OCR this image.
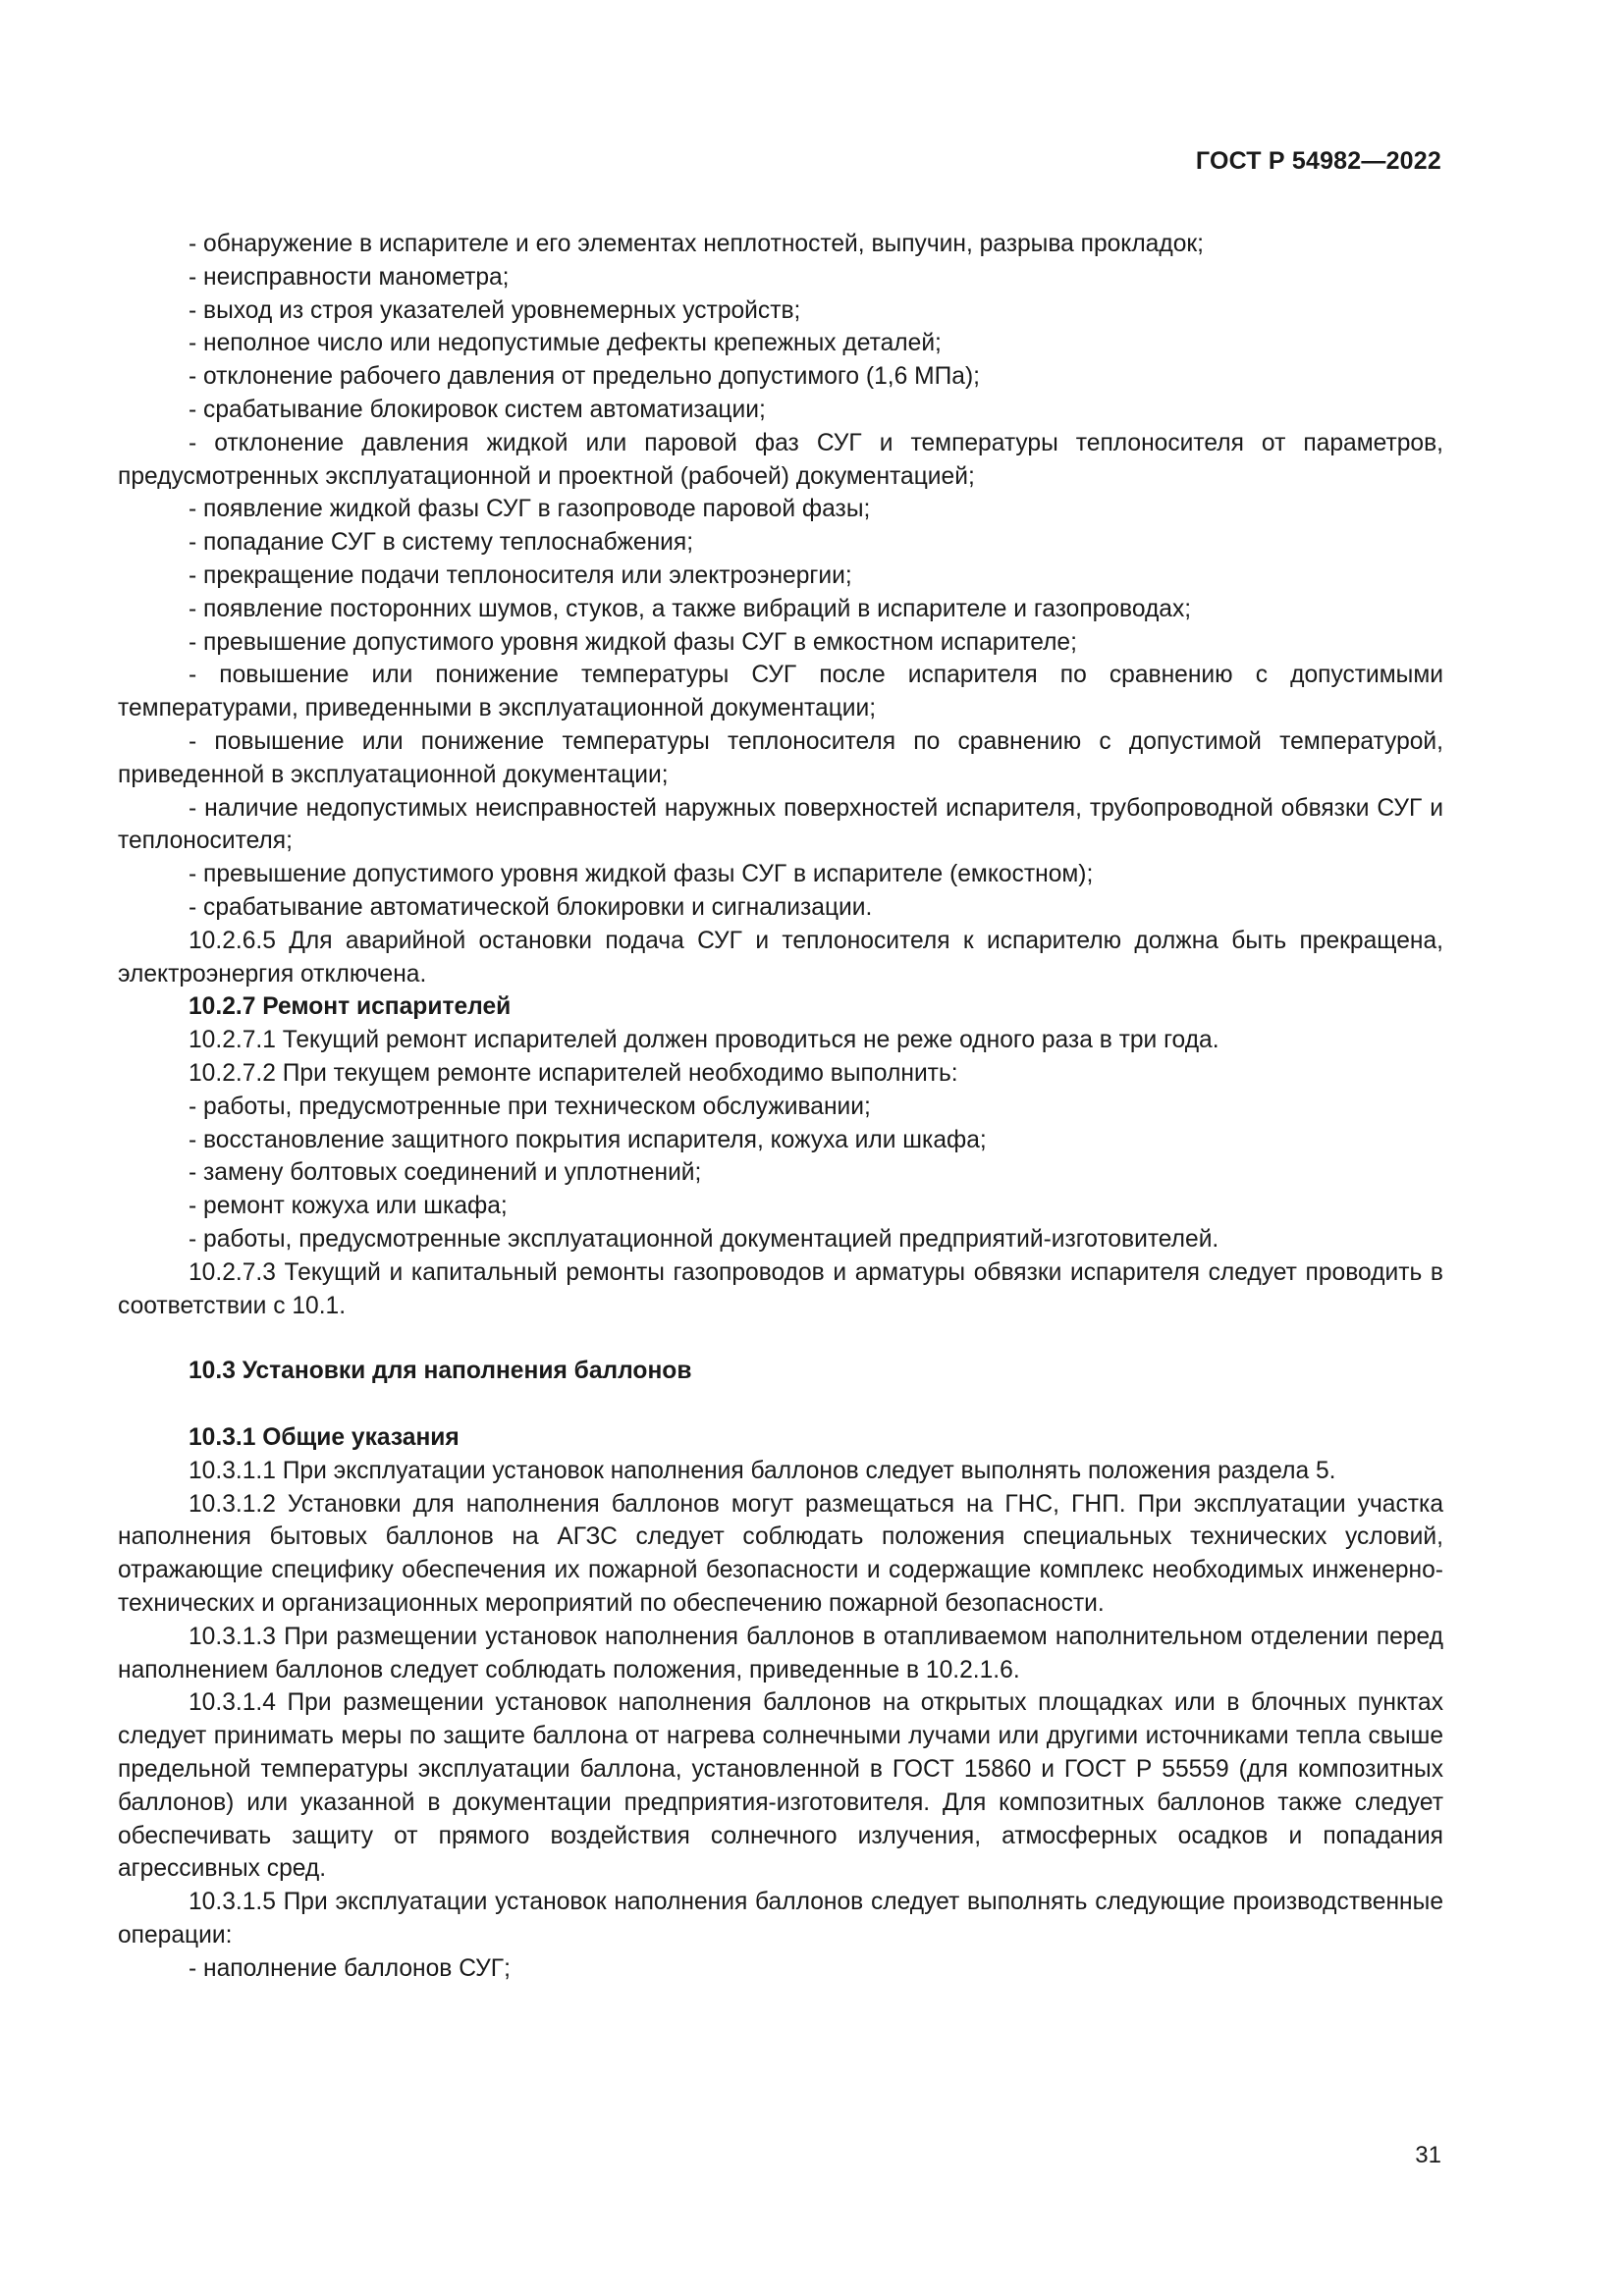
ГОСТ Р 54982—2022

- обнаружение в испарителе и его элементах неплотностей, выпучин, разрыва прокладок;

- неисправности манометра;

- выход из строя указателей уровнемерных устройств;

- неполное число или недопустимые дефекты крепежных деталей;

- отклонение рабочего давления от предельно допустимого (1,6 МПа);

- срабатывание блокировок систем автоматизации;

- отклонение давления жидкой или паровой фаз СУГ и температуры теплоносителя от параметров, предусмотренных эксплуатационной и проектной (рабочей) документацией;

- появление жидкой фазы СУГ в газопроводе паровой фазы;

- попадание СУГ в систему теплоснабжения;

- прекращение подачи теплоносителя или электроэнергии;

- появление посторонних шумов, стуков, а также вибраций в испарителе и газопроводах;

- превышение допустимого уровня жидкой фазы СУГ в емкостном испарителе;

- повышение или понижение температуры СУГ после испарителя по сравнению с допустимыми температурами, приведенными в эксплуатационной документации;

- повышение или понижение температуры теплоносителя по сравнению с допустимой температурой, приведенной в эксплуатационной документации;

- наличие недопустимых неисправностей наружных поверхностей испарителя, трубопроводной обвязки СУГ и теплоносителя;

- превышение допустимого уровня жидкой фазы СУГ в испарителе (емкостном);

- срабатывание автоматической блокировки и сигнализации.

10.2.6.5 Для аварийной остановки подача СУГ и теплоносителя к испарителю должна быть прекращена, электроэнергия отключена.

10.2.7 Ремонт испарителей

10.2.7.1 Текущий ремонт испарителей должен проводиться не реже одного раза в три года.

10.2.7.2 При текущем ремонте испарителей необходимо выполнить:

- работы, предусмотренные при техническом обслуживании;

- восстановление защитного покрытия испарителя, кожуха или шкафа;

- замену болтовых соединений и уплотнений;

- ремонт кожуха или шкафа;

- работы, предусмотренные эксплуатационной документацией предприятий-изготовителей.

10.2.7.3 Текущий и капитальный ремонты газопроводов и арматуры обвязки испарителя следует проводить в соответствии с 10.1.

10.3 Установки для наполнения баллонов

10.3.1 Общие указания

10.3.1.1 При эксплуатации установок наполнения баллонов следует выполнять положения раздела 5.

10.3.1.2 Установки для наполнения баллонов могут размещаться на ГНС, ГНП. При эксплуатации участка наполнения бытовых баллонов на АГЗС следует соблюдать положения специальных технических условий, отражающие специфику обеспечения их пожарной безопасности и содержащие комплекс необходимых инженерно-технических и организационных мероприятий по обеспечению пожарной безопасности.

10.3.1.3 При размещении установок наполнения баллонов в отапливаемом наполнительном отделении перед наполнением баллонов следует соблюдать положения, приведенные в 10.2.1.6.

10.3.1.4 При размещении установок наполнения баллонов на открытых площадках или в блочных пунктах следует принимать меры по защите баллона от нагрева солнечными лучами или другими источниками тепла свыше предельной температуры эксплуатации баллона, установленной в ГОСТ 15860 и ГОСТ Р 55559 (для композитных баллонов) или указанной в документации предприятия-изготовителя. Для композитных баллонов также следует обеспечивать защиту от прямого воздействия солнечного излучения, атмосферных осадков и попадания агрессивных сред.

10.3.1.5 При эксплуатации установок наполнения баллонов следует выполнять следующие производственные операции:

- наполнение баллонов СУГ;

31
